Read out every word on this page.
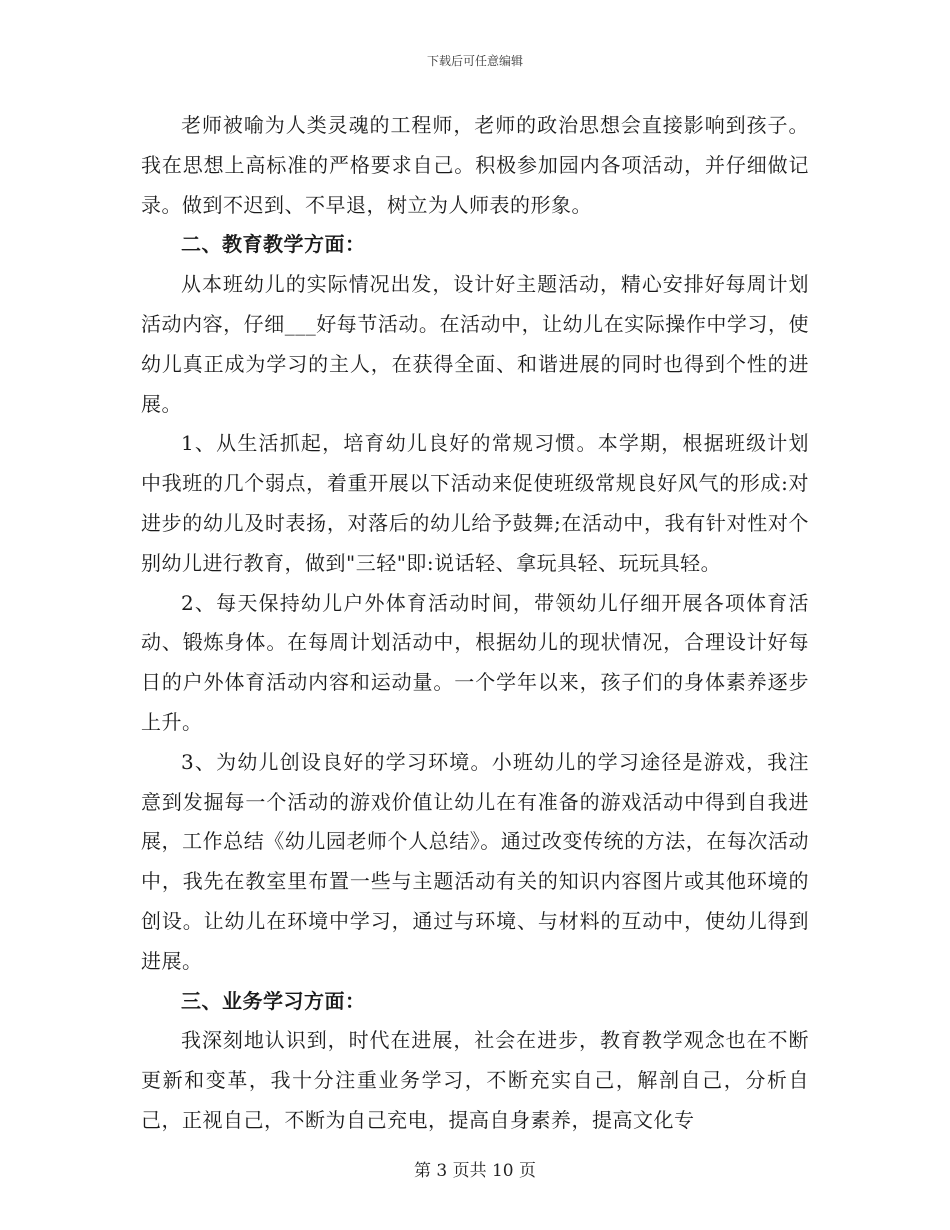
下载后可任意编辑

老师被喻为人类灵魂的工程师，老师的政治思想会直接影响到孩子。我在思想上高标准的严格要求自己。积极参加园内各项活动，并仔细做记录。做到不迟到、不早退，树立为人师表的形象。

二、教育教学方面：

从本班幼儿的实际情况出发，设计好主题活动，精心安排好每周计划活动内容，仔细___好每节活动。在活动中，让幼儿在实际操作中学习，使幼儿真正成为学习的主人，在获得全面、和谐进展的同时也得到个性的进展。

1、从生活抓起，培育幼儿良好的常规习惯。本学期，根据班级计划中我班的几个弱点，着重开展以下活动来促使班级常规良好风气的形成:对进步的幼儿及时表扬，对落后的幼儿给予鼓舞;在活动中，我有针对性对个别幼儿进行教育，做到"三轻"即:说话轻、拿玩具轻、玩玩具轻。

2、每天保持幼儿户外体育活动时间，带领幼儿仔细开展各项体育活动、锻炼身体。在每周计划活动中，根据幼儿的现状情况，合理设计好每日的户外体育活动内容和运动量。一个学年以来，孩子们的身体素养逐步上升。

3、为幼儿创设良好的学习环境。小班幼儿的学习途径是游戏，我注意到发掘每一个活动的游戏价值让幼儿在有准备的游戏活动中得到自我进展，工作总结《幼儿园老师个人总结》。通过改变传统的方法，在每次活动中，我先在教室里布置一些与主题活动有关的知识内容图片或其他环境的创设。让幼儿在环境中学习，通过与环境、与材料的互动中，使幼儿得到进展。

三、业务学习方面：

我深刻地认识到，时代在进展，社会在进步，教育教学观念也在不断更新和变革，我十分注重业务学习，不断充实自己，解剖自己，分析自己，正视自己，不断为自己充电，提高自身素养，提高文化专

第 3 页共 10 页
